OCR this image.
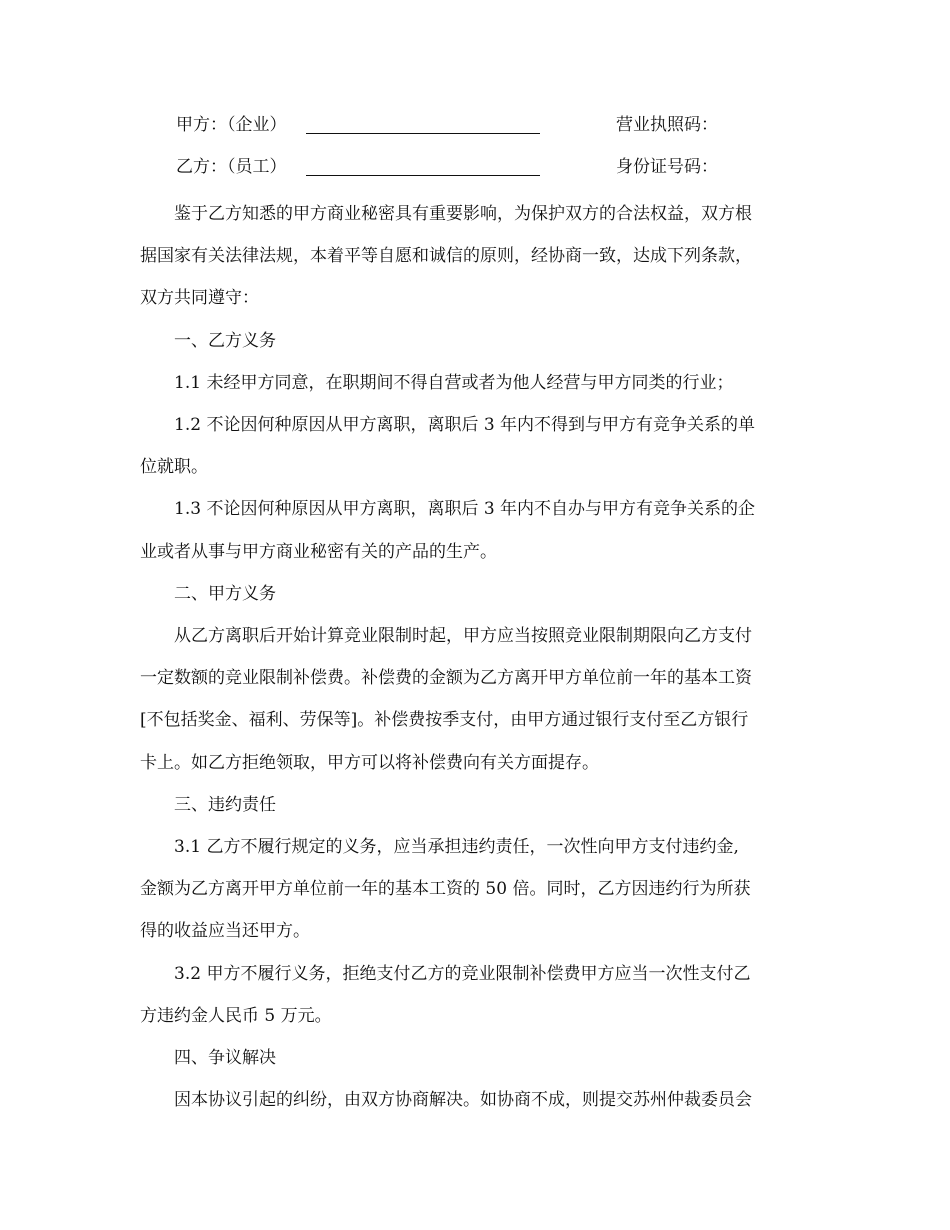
甲方：（企业）	营业执照码：
乙方：（员工）	身份证号码：

鉴于乙方知悉的甲方商业秘密具有重要影响，为保护双方的合法权益，双方根

据国家有关法律法规，本着平等自愿和诚信的原则，经协商一致，达成下列条款，

双方共同遵守：

一、乙方义务

1.1 未经甲方同意，在职期间不得自营或者为他人经营与甲方同类的行业；

1.2 不论因何种原因从甲方离职，离职后 3 年内不得到与甲方有竞争关系的单

位就职。

1.3 不论因何种原因从甲方离职，离职后 3 年内不自办与甲方有竞争关系的企

业或者从事与甲方商业秘密有关的产品的生产。

二、甲方义务

从乙方离职后开始计算竞业限制时起，甲方应当按照竞业限制期限向乙方支付

一定数额的竞业限制补偿费。补偿费的金额为乙方离开甲方单位前一年的基本工资

[不包括奖金、福利、劳保等]。补偿费按季支付，由甲方通过银行支付至乙方银行

卡上。如乙方拒绝领取，甲方可以将补偿费向有关方面提存。

三、违约责任

3.1 乙方不履行规定的义务，应当承担违约责任，一次性向甲方支付违约金,

金额为乙方离开甲方单位前一年的基本工资的 50 倍。同时，乙方因违约行为所获

得的收益应当还甲方。

3.2 甲方不履行义务，拒绝支付乙方的竞业限制补偿费甲方应当一次性支付乙

方违约金人民币 5 万元。

四、争议解决

因本协议引起的纠纷，由双方协商解决。如协商不成，则提交苏州仲裁委员会
